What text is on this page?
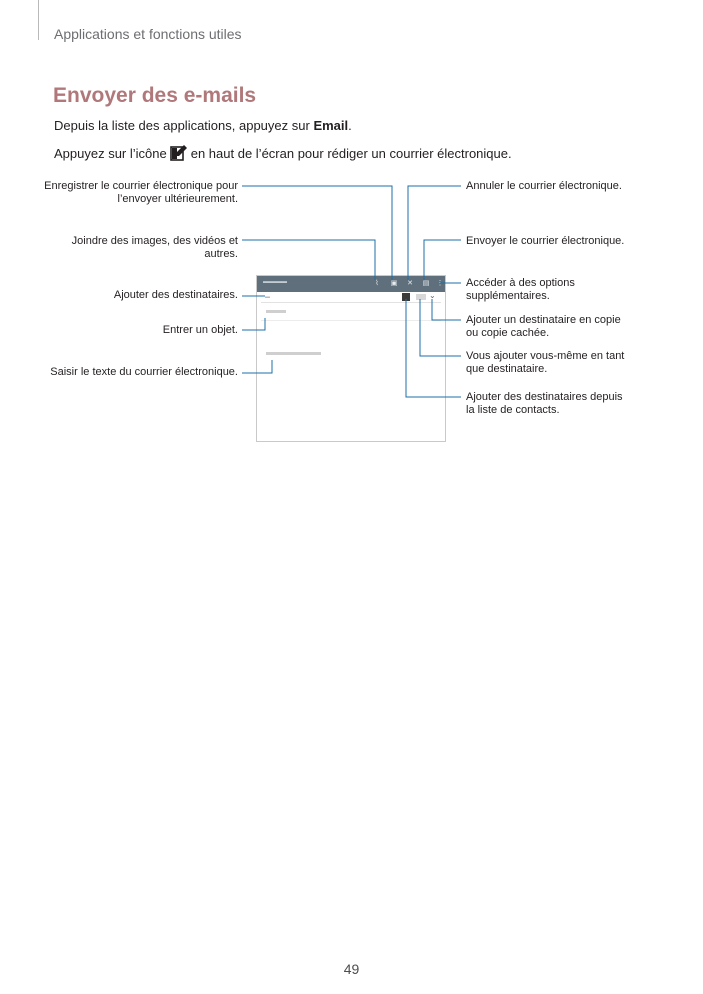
Applications et fonctions utiles
Envoyer des e-mails
Depuis la liste des applications, appuyez sur Email.
Appuyez sur l’icône en haut de l’écran pour rédiger un courrier électronique.
Enregistrer le courrier électronique pour l’envoyer ultérieurement.
Joindre des images, des vidéos et autres.
Ajouter des destinataires.
Entrer un objet.
Saisir le texte du courrier électronique.
Annuler le courrier électronique.
Envoyer le courrier électronique.
Accéder à des options supplémentaires.
Ajouter un destinataire en copie ou copie cachée.
Vous ajouter vous-même en tant que destinataire.
Ajouter des destinataires depuis la liste de contacts.
▬▬▬▬	⌇	▣ ✕ ▤ ⋮
▬	⌄
49
